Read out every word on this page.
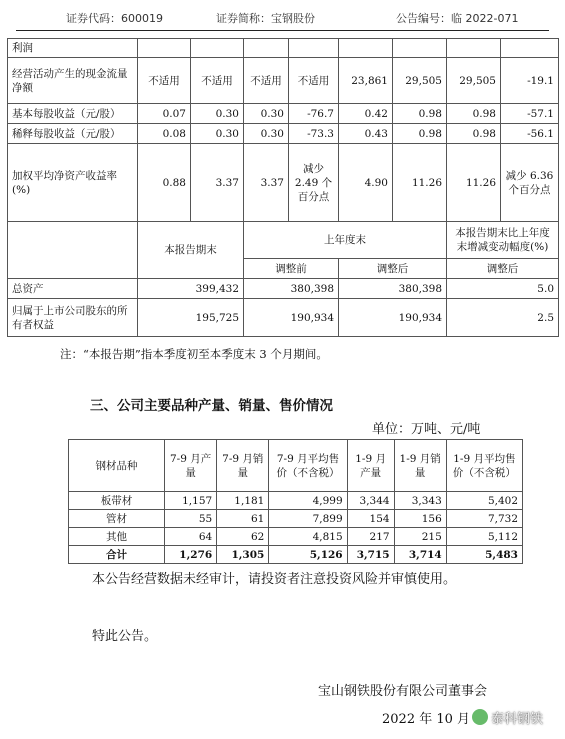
证券代码：600019	证券简称：宝钢股份	公告编号：临 2022-071
利润								
经营活动产生的现金流量净额	不适用	不适用	不适用	不适用	23,861	29,505	29,505	-19.1
基本每股收益（元/股）	0.07	0.30	0.30	-76.7	0.42	0.98	0.98	-57.1
稀释每股收益（元/股）	0.08	0.30	0.30	-73.3	0.43	0.98	0.98	-56.1
加权平均净资产收益率(%)	0.88	3.37	3.37	减少 2.49 个百分点	4.90	11.26	11.26	减少 6.36 个百分点
	本报告期末		上年度末				本报告期末比上年度末增减变动幅度(%)	
			调整前		调整后		调整后	
总资产	399,432		380,398		380,398		5.0	
归属于上市公司股东的所有者权益	195,725		190,934		190,934		2.5	
注：“本报告期”指本季度初至本季度末 3 个月期间。
三、公司主要品种产量、销量、售价情况
单位：万吨、元/吨
钢材品种	7-9 月产量	7-9 月销量	7-9 月平均售价（不含税）	1-9 月产量	1-9 月销量	1-9 月平均售价（不含税）
板带材	1,157	1,181	4,999	3,344	3,343	5,402
管材	55	61	7,899	154	156	7,732
其他	64	62	4,815	217	215	5,112
合计	1,276	1,305	5,126	3,715	3,714	5,483
本公告经营数据未经审计，请投资者注意投资风险并审慎使用。
特此公告。
宝山钢铁股份有限公司董事会
2022 年 10 月 泰科钢铁
